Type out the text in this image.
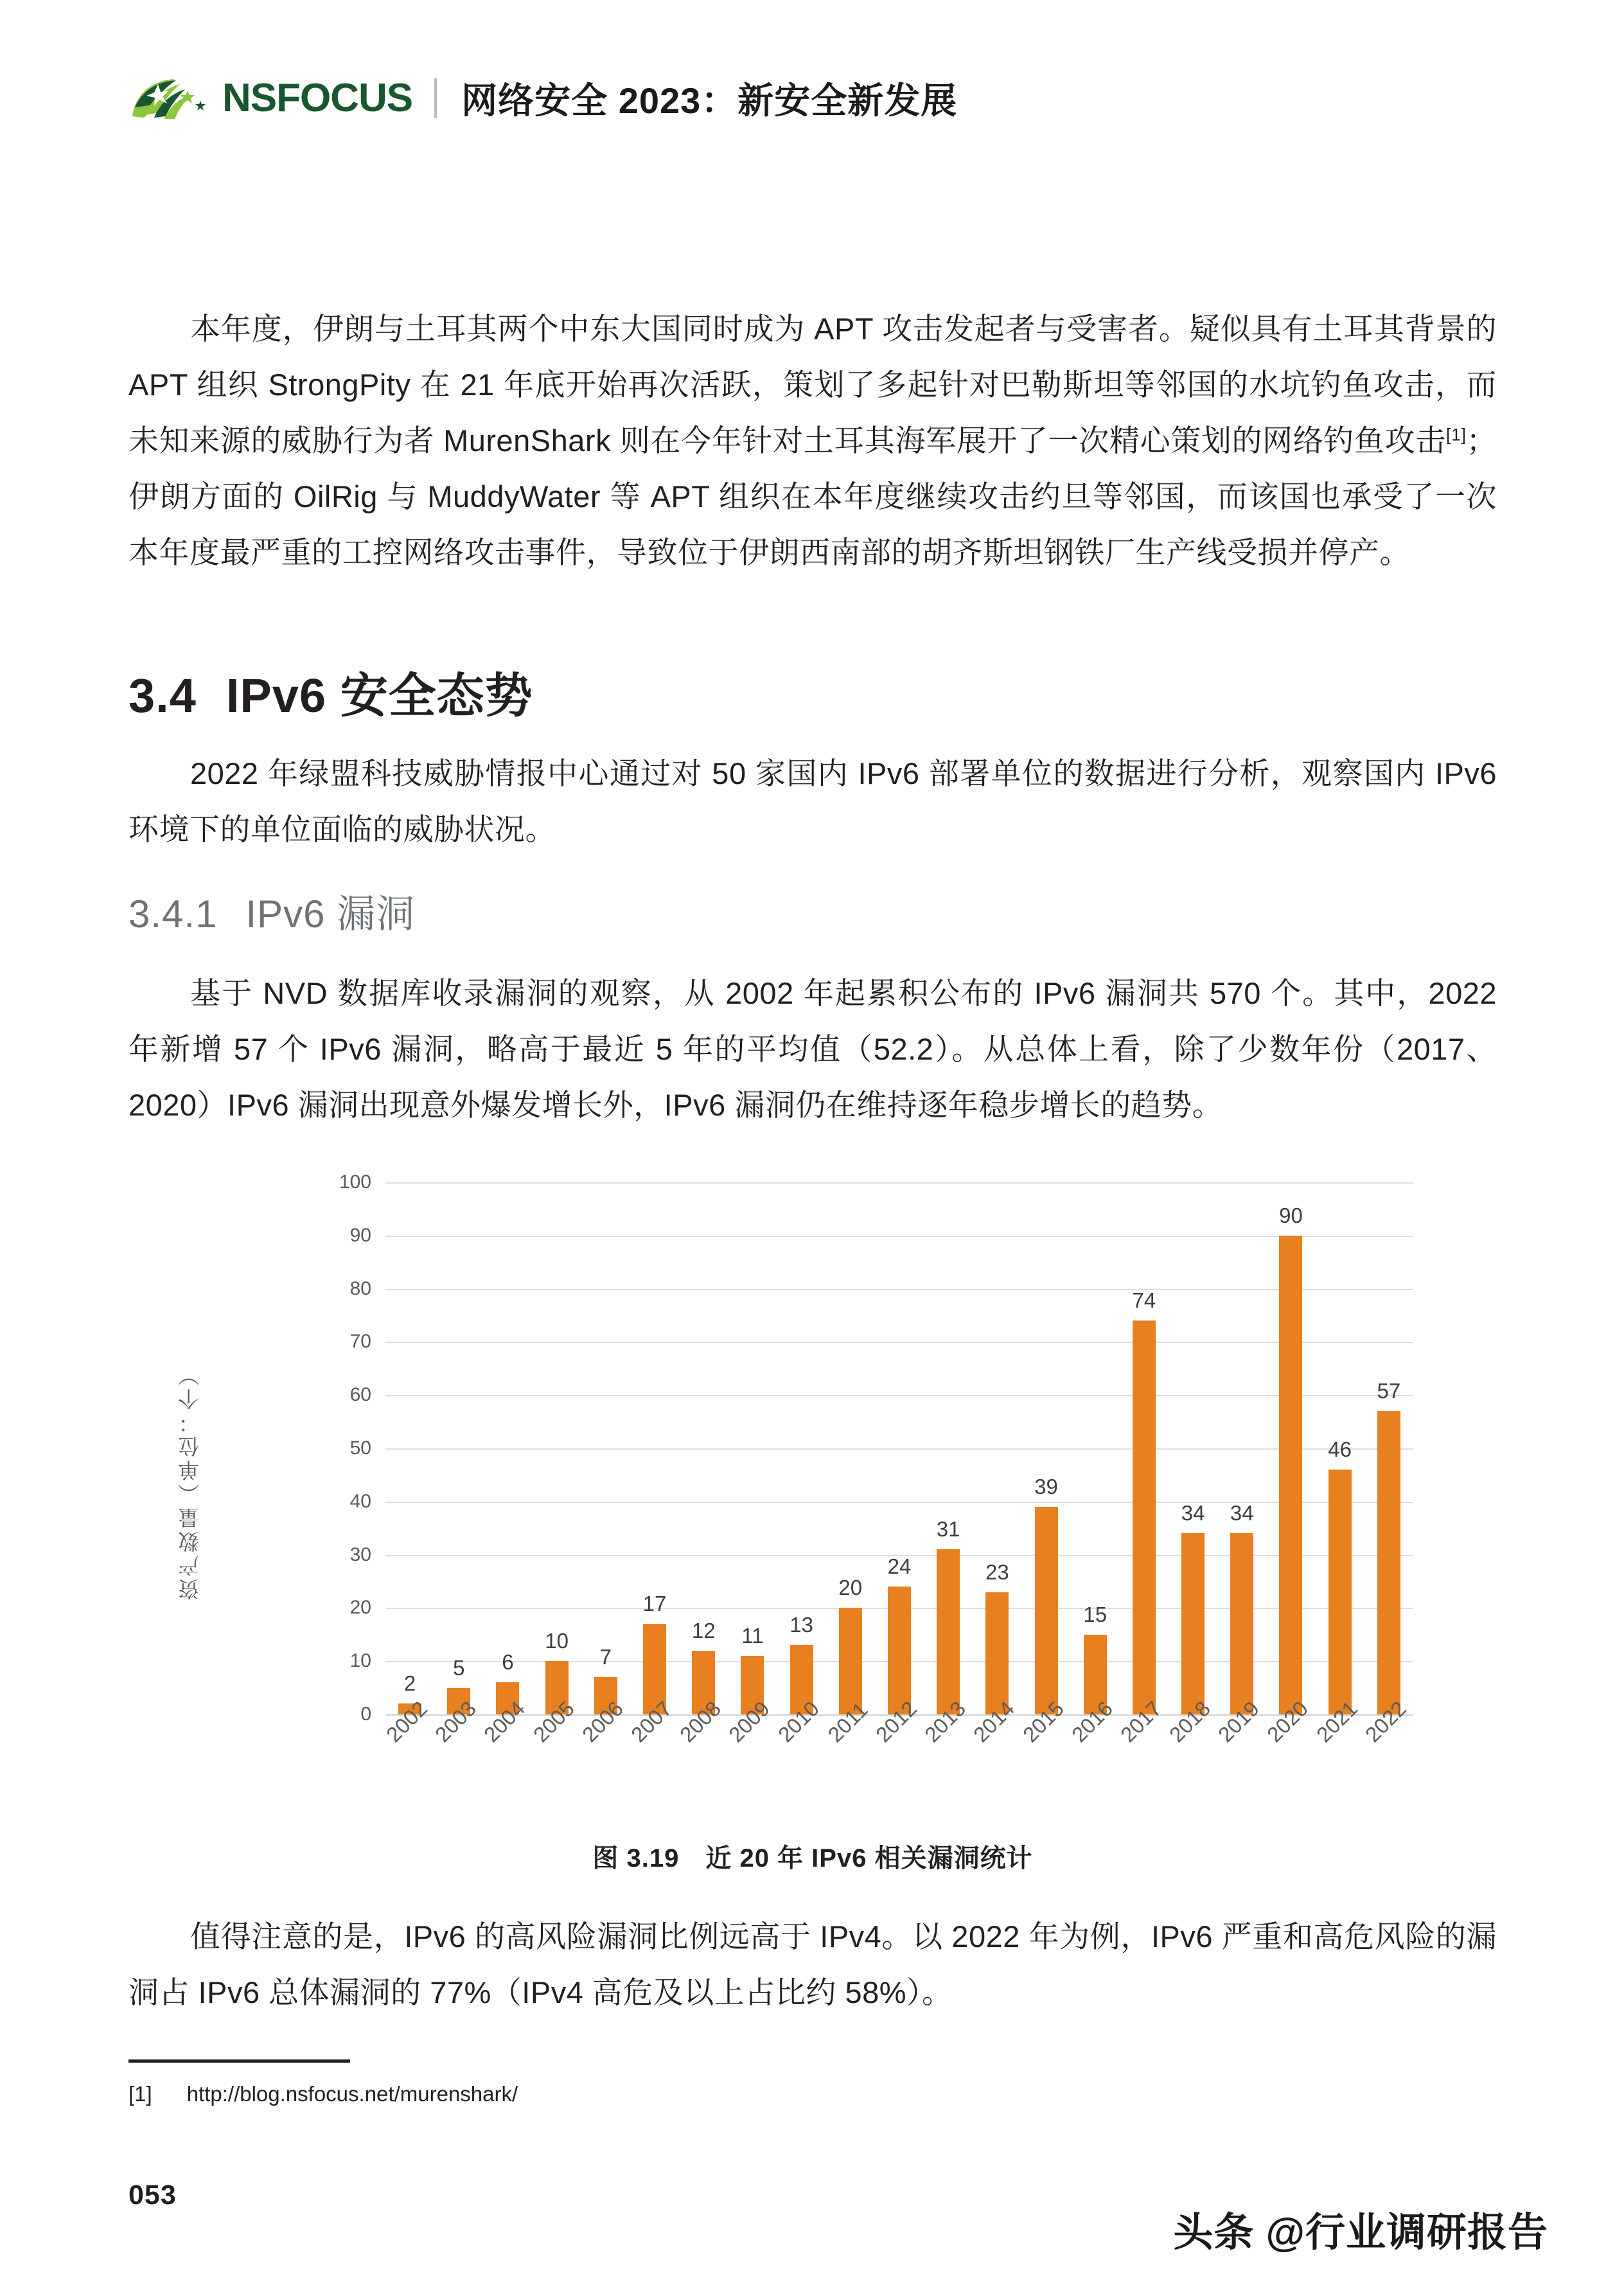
NSFOCUS 网络安全 2023：新安全新发展

本年度，伊朗与土耳其两个中东大国同时成为 APT 攻击发起者与受害者。疑似具有土耳其背景的 APT 组织 StrongPity 在 21 年底开始再次活跃，策划了多起针对巴勒斯坦等邻国的水坑钓鱼攻击，而未知来源的威胁行为者 MurenShark 则在今年针对土耳其海军展开了一次精心策划的网络钓鱼攻击[1]；伊朗方面的 OilRig 与 MuddyWater 等 APT 组织在本年度继续攻击约旦等邻国，而该国也承受了一次本年度最严重的工控网络攻击事件，导致位于伊朗西南部的胡齐斯坦钢铁厂生产线受损并停产。

3.4 IPv6 安全态势

2022 年绿盟科技威胁情报中心通过对 50 家国内 IPv6 部署单位的数据进行分析，观察国内 IPv6 环境下的单位面临的威胁状况。

3.4.1 IPv6 漏洞

基于 NVD 数据库收录漏洞的观察，从 2002 年起累积公布的 IPv6 漏洞共 570 个。其中，2022 年新增 57 个 IPv6 漏洞，略高于最近 5 年的平均值（52.2）。从总体上看，除了少数年份（2017、2020）IPv6 漏洞出现意外爆发增长外，IPv6 漏洞仍在维持逐年稳步增长的趋势。

值得注意的是，IPv6 的高风险漏洞比例远高于 IPv4。以 2022 年为例，IPv6 严重和高危风险的漏洞占 IPv6 总体漏洞的 77%（IPv4 高危及以上占比约 58%）。

资产数量（单位：个）
0
10
20
30
40
50
60
70
80
90
100
2
5 6
10
7
17
12 11 13
20
24
31
23
39
15
74
34 34
90
46
57
2002
2003
2004
2005
2006
2007
2008
2009
2010 2011
2012
2013
2014
2015
2016
2017
2018
2019
2020
2021
2022
图 3.19　近 20 年 IPv6 相关漏洞统计
[1] http://blog.nsfocus.net/murenshark/
053
头条 @行业调研报告
